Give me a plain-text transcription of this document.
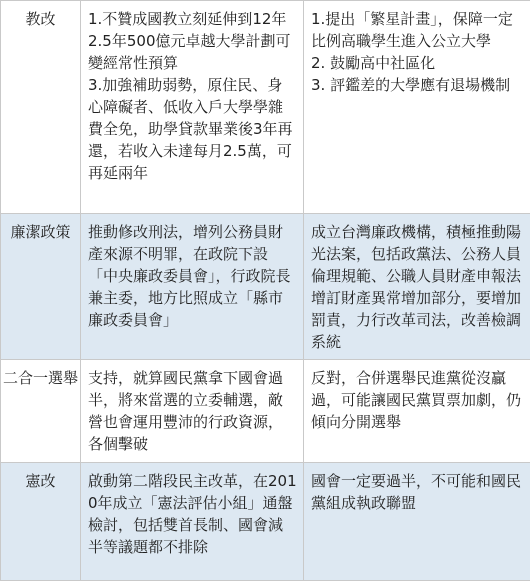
教改	1.不贊成國教立刻延伸到12年
2.5年500億元卓越大學計劃可變經常性預算
3.加強補助弱勢，原住民、身心障礙者、低收入戶大學學雜費全免，助學貸款畢業後3年再還，若收入未達每月2.5萬，可再延兩年	1.提出「繁星計畫」，保障一定比例高職學生進入公立大學
2. 鼓勵高中社區化
3. 評鑑差的大學應有退場機制

廉潔政策	推動修改刑法，增列公務員財產來源不明罪，在政院下設「中央廉政委員會」，行政院長兼主委，地方比照成立「縣市廉政委員會」	成立台灣廉政機構，積極推動陽光法案，包括政黨法、公務人員倫理規範、公職人員財產申報法增訂財產異常增加部分，要增加罰責，力行改革司法，改善檢調系統

二合一選舉	支持，就算國民黨拿下國會過半，將來當選的立委輔選，敵營也會運用豐沛的行政資源，各個擊破	反對，合併選舉民進黨從沒贏過，可能讓國民黨買票加劇，仍傾向分開選舉

憲改	啟動第二階段民主改革，在2010年成立「憲法評估小組」通盤檢討，包括雙首長制、國會減半等議題都不排除	國會一定要過半，不可能和國民黨組成執政聯盟
